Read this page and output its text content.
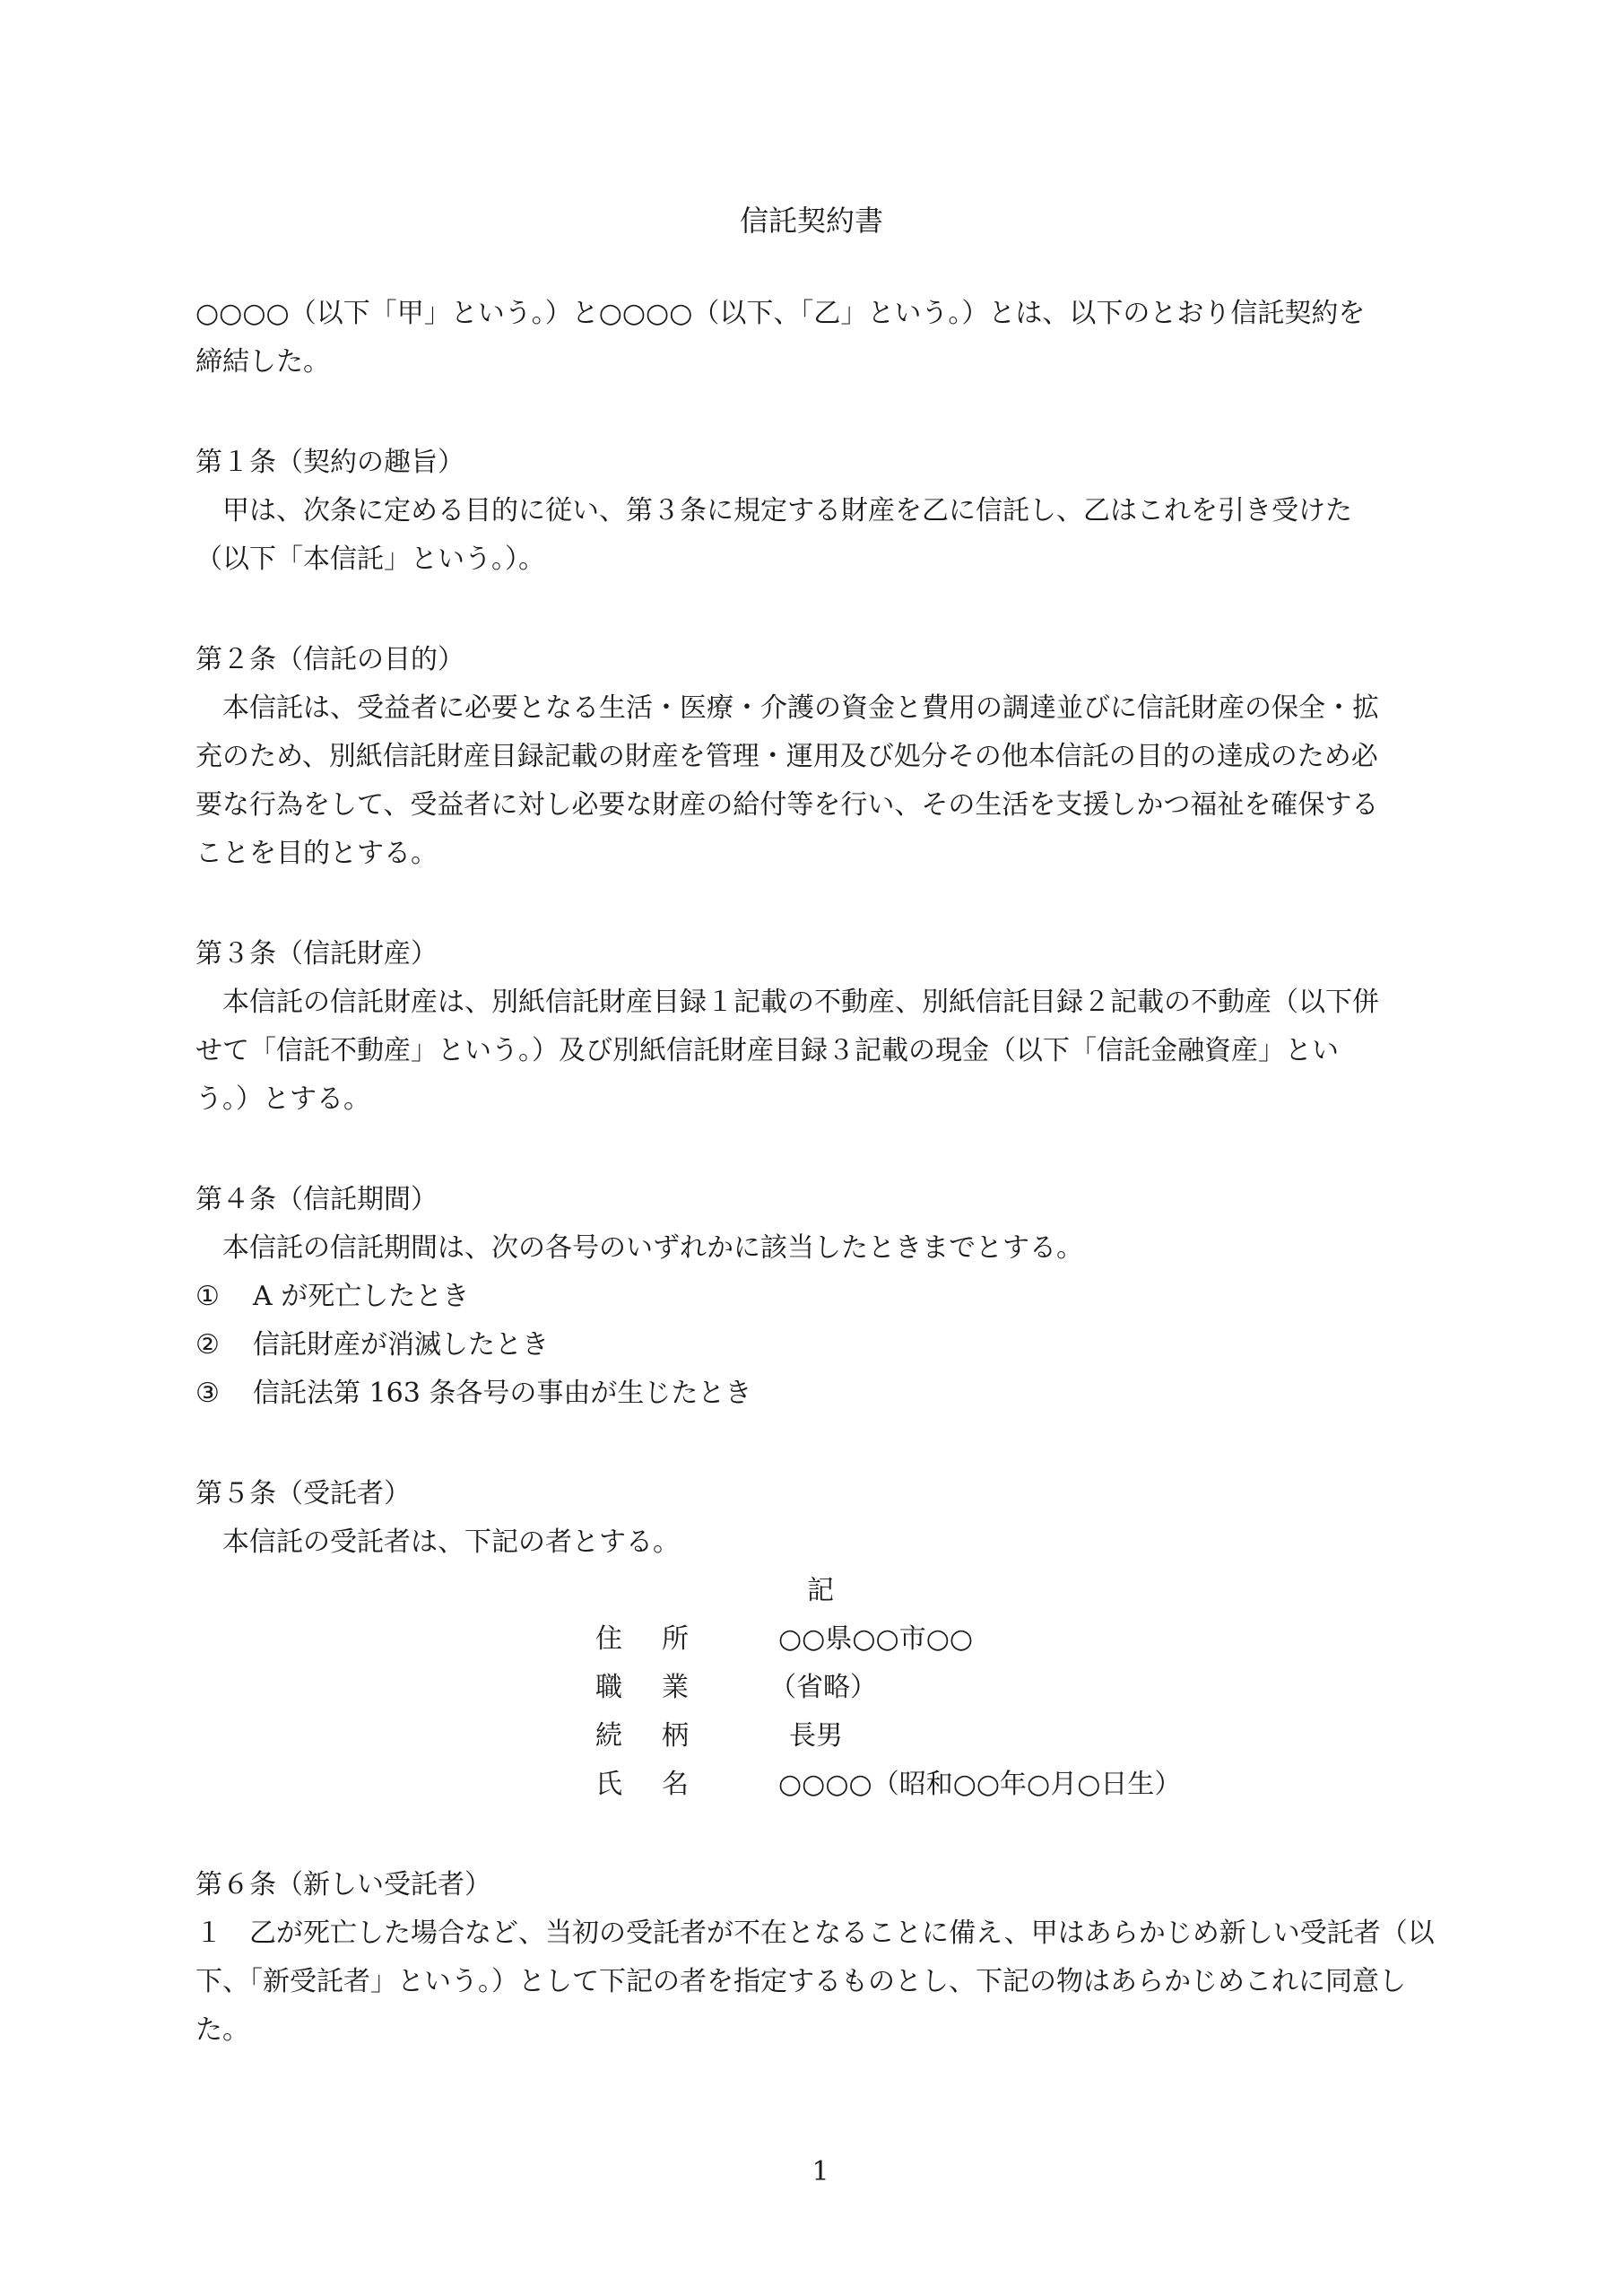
信託契約書
○○○○（以下「甲」という。）と○○○○（以下、「乙」という。）とは、以下のとおり信託契約を
締結した。
第１条（契約の趣旨）
甲は、次条に定める目的に従い、第３条に規定する財産を乙に信託し、乙はこれを引き受けた
（以下「本信託」という。）。
第２条（信託の目的）
本信託は、受益者に必要となる生活・医療・介護の資金と費用の調達並びに信託財産の保全・拡
充のため、別紙信託財産目録記載の財産を管理・運用及び処分その他本信託の目的の達成のため必
要な行為をして、受益者に対し必要な財産の給付等を行い、その生活を支援しかつ福祉を確保する
ことを目的とする。
第３条（信託財産）
本信託の信託財産は、別紙信託財産目録１記載の不動産、別紙信託目録２記載の不動産（以下併
せて「信託不動産」という。）及び別紙信託財産目録３記載の現金（以下「信託金融資産」とい
う。）とする。
第４条（信託期間）
本信託の信託期間は、次の各号のいずれかに該当したときまでとする。
①	A が死亡したとき
②	信託財産が消滅したとき
③	信託法第 163 条各号の事由が生じたとき
第５条（受託者）
本信託の受託者は、下記の者とする。
記
住所 ○○県○○市○○
職業 （省略）
続柄 長男
氏名 ○○○○（昭和○○年○月○日生）
第６条（新しい受託者）
１　乙が死亡した場合など、当初の受託者が不在となることに備え、甲はあらかじめ新しい受託者（以
下、「新受託者」という。）として下記の者を指定するものとし、下記の物はあらかじめこれに同意し
た。
1
